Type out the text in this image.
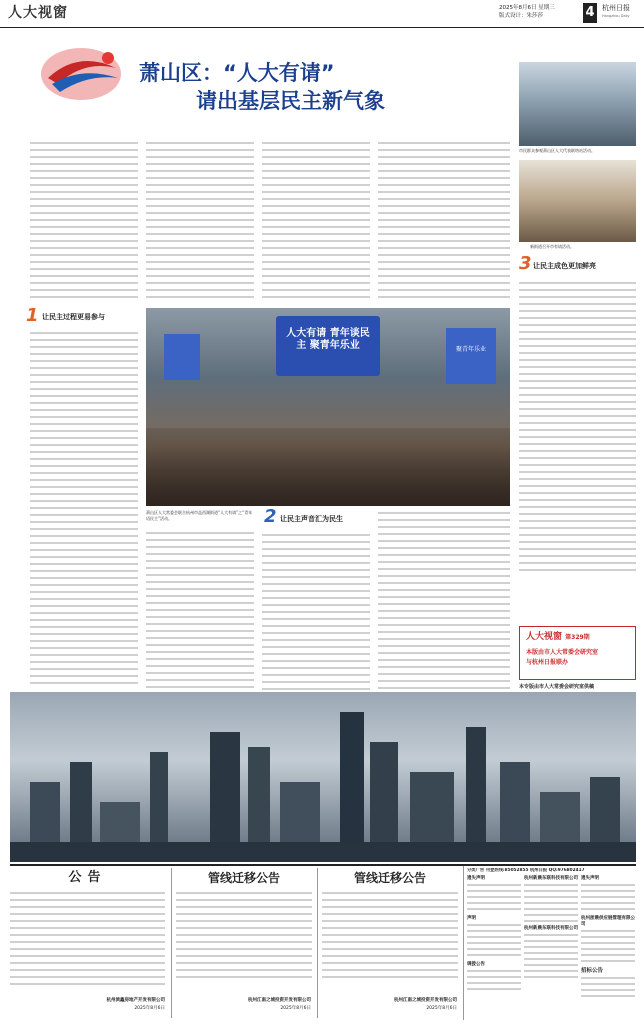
人大视窗	2025年8月6日 星期三
版式设计：朱莎莎	4	杭州日报
Hangzhou Daily
萧山区：“人大有请”
请出基层民主新气象
市民群众参观萧山区人大代表联络站活动。
新街道召开市有请活动。
1 让民主过程更易参与
人大有请 青年谈民主 聚青年乐业	聚青年乐业
萧山区人大常委会联合杭州市益西湖街道“人大有请”之“青年语民主”活动。	2 让民主声音汇为民生
3 让民主成色更加鲜亮
人大视窗 第329期
本版由市人大常委会研究室
与杭州日报联办
本专版由市人大常委会研究室供稿
公告
杭州滨鑫房地产开发有限公司
2025年8月6日
管线迁移公告
杭州江南之城投资开发有限公司
2025年8月6日
管线迁移公告
杭州江南之城投资开发有限公司
2025年8月6日
分类广告 刊登热线:85052855 杭州日报 QQ:976802417
遗失声明
声明
调拨公告
杭州新晨东联科技有限公司
杭州新晨东联科技有限公司
遗失声明
杭州浙晨供应链管理有限公司
招标公告
